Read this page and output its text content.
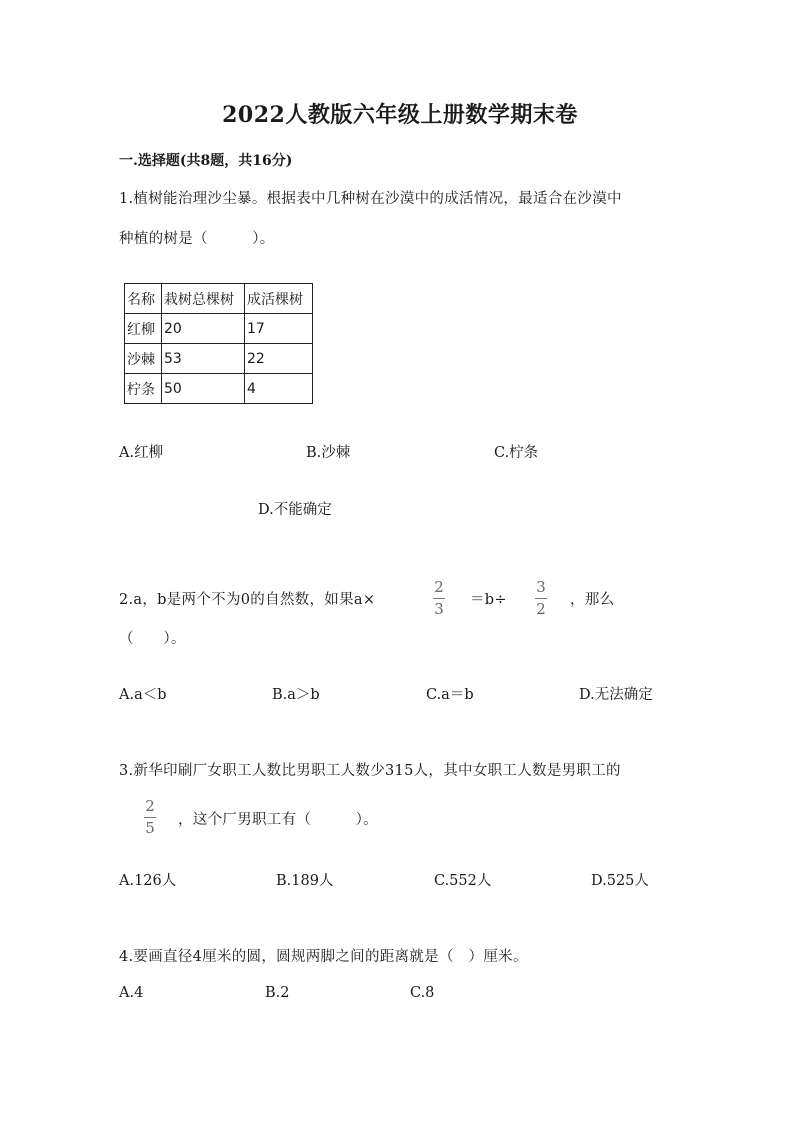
2022人教版六年级上册数学期末卷
一.选择题(共8题，共16分)
1.植树能治理沙尘暴。根据表中几种树在沙漠中的成活情况，最适合在沙漠中
种植的树是（　　　）。
名称	栽树总棵树	成活棵树
红柳	20	17
沙棘	53	22
柠条	50	4
A.红柳	B.沙棘	C.柠条
D.不能确定
2.a，b是两个不为0的自然数，如果a×
2
3 ＝b÷
3
2 ，那么
（　　）。
A.a＜b	B.a＞b	C.a＝b	D.无法确定
3.新华印刷厂女职工人数比男职工人数少315人，其中女职工人数是男职工的
2
5 ，这个厂男职工有（　　　）。
A.126人	B.189人	C.552人	D.525人
4.要画直径4厘米的圆，圆规两脚之间的距离就是（　）厘米。
A.4	B.2	C.8
